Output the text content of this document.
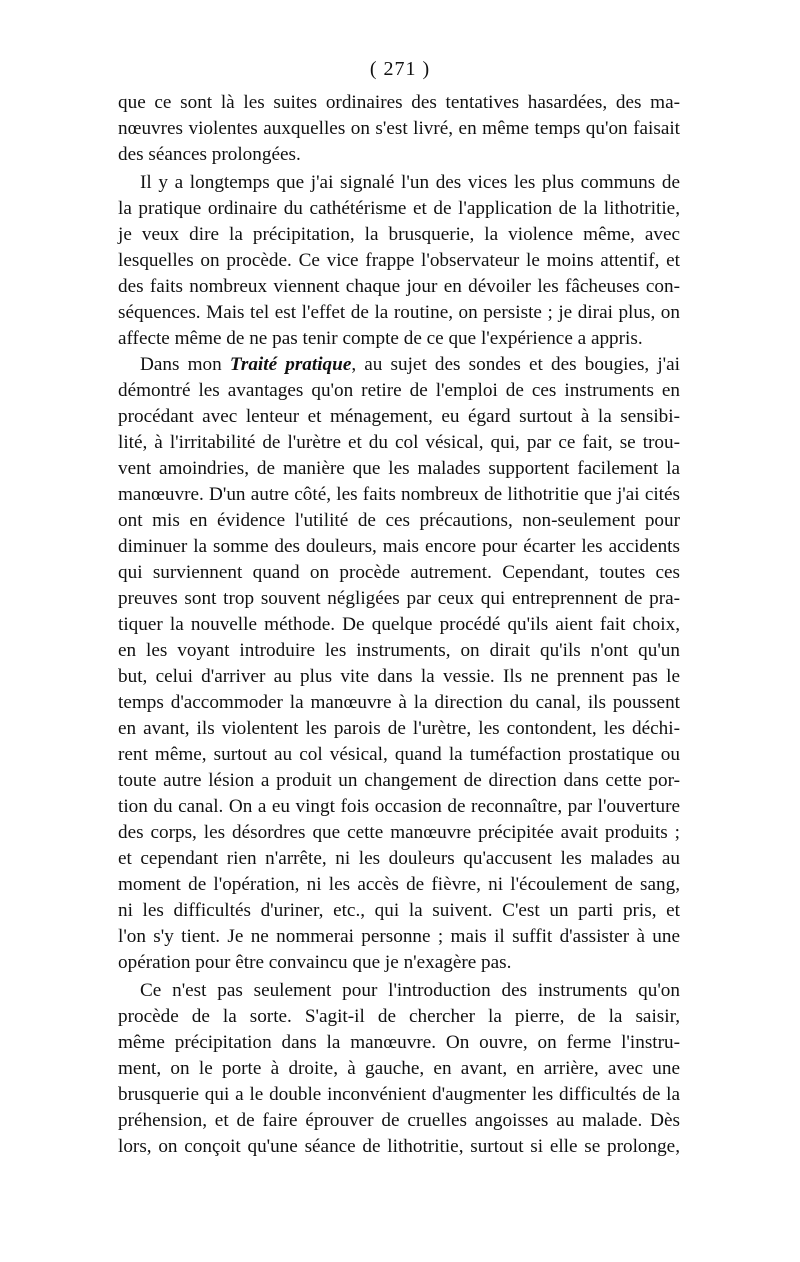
( 271 )
que ce sont là les suites ordinaires des tentatives hasardées, des ma-
nœuvres violentes auxquelles on s'est livré, en même temps qu'on faisait
des séances prolongées.
Il y a longtemps que j'ai signalé l'un des vices les plus communs de
la pratique ordinaire du cathétérisme et de l'application de la lithotritie,
je veux dire la précipitation, la brusquerie, la violence même, avec
lesquelles on procède. Ce vice frappe l'observateur le moins attentif, et
des faits nombreux viennent chaque jour en dévoiler les fâcheuses con-
séquences. Mais tel est l'effet de la routine, on persiste ; je dirai plus, on
affecte même de ne pas tenir compte de ce que l'expérience a appris.
Dans mon Traité pratique, au sujet des sondes et des bougies, j'ai
démontré les avantages qu'on retire de l'emploi de ces instruments en
procédant avec lenteur et ménagement, eu égard surtout à la sensibi-
lité, à l'irritabilité de l'urètre et du col vésical, qui, par ce fait, se trou-
vent amoindries, de manière que les malades supportent facilement la
manœuvre. D'un autre côté, les faits nombreux de lithotritie que j'ai cités
ont mis en évidence l'utilité de ces précautions, non-seulement pour
diminuer la somme des douleurs, mais encore pour écarter les accidents
qui surviennent quand on procède autrement. Cependant, toutes ces
preuves sont trop souvent négligées par ceux qui entreprennent de pra-
tiquer la nouvelle méthode. De quelque procédé qu'ils aient fait choix,
en les voyant introduire les instruments, on dirait qu'ils n'ont qu'un
but, celui d'arriver au plus vite dans la vessie. Ils ne prennent pas le
temps d'accommoder la manœuvre à la direction du canal, ils poussent
en avant, ils violentent les parois de l'urètre, les contondent, les déchi-
rent même, surtout au col vésical, quand la tuméfaction prostatique ou
toute autre lésion a produit un changement de direction dans cette por-
tion du canal. On a eu vingt fois occasion de reconnaître, par l'ouverture
des corps, les désordres que cette manœuvre précipitée avait produits ;
et cependant rien n'arrête, ni les douleurs qu'accusent les malades au
moment de l'opération, ni les accès de fièvre, ni l'écoulement de sang,
ni les difficultés d'uriner, etc., qui la suivent. C'est un parti pris, et
l'on s'y tient. Je ne nommerai personne ; mais il suffit d'assister à une
opération pour être convaincu que je n'exagère pas.
Ce n'est pas seulement pour l'introduction des instruments qu'on
procède de la sorte. S'agit-il de chercher la pierre, de la saisir,
même précipitation dans la manœuvre. On ouvre, on ferme l'instru-
ment, on le porte à droite, à gauche, en avant, en arrière, avec une
brusquerie qui a le double inconvénient d'augmenter les difficultés de la
préhension, et de faire éprouver de cruelles angoisses au malade. Dès
lors, on conçoit qu'une séance de lithotritie, surtout si elle se prolonge,
